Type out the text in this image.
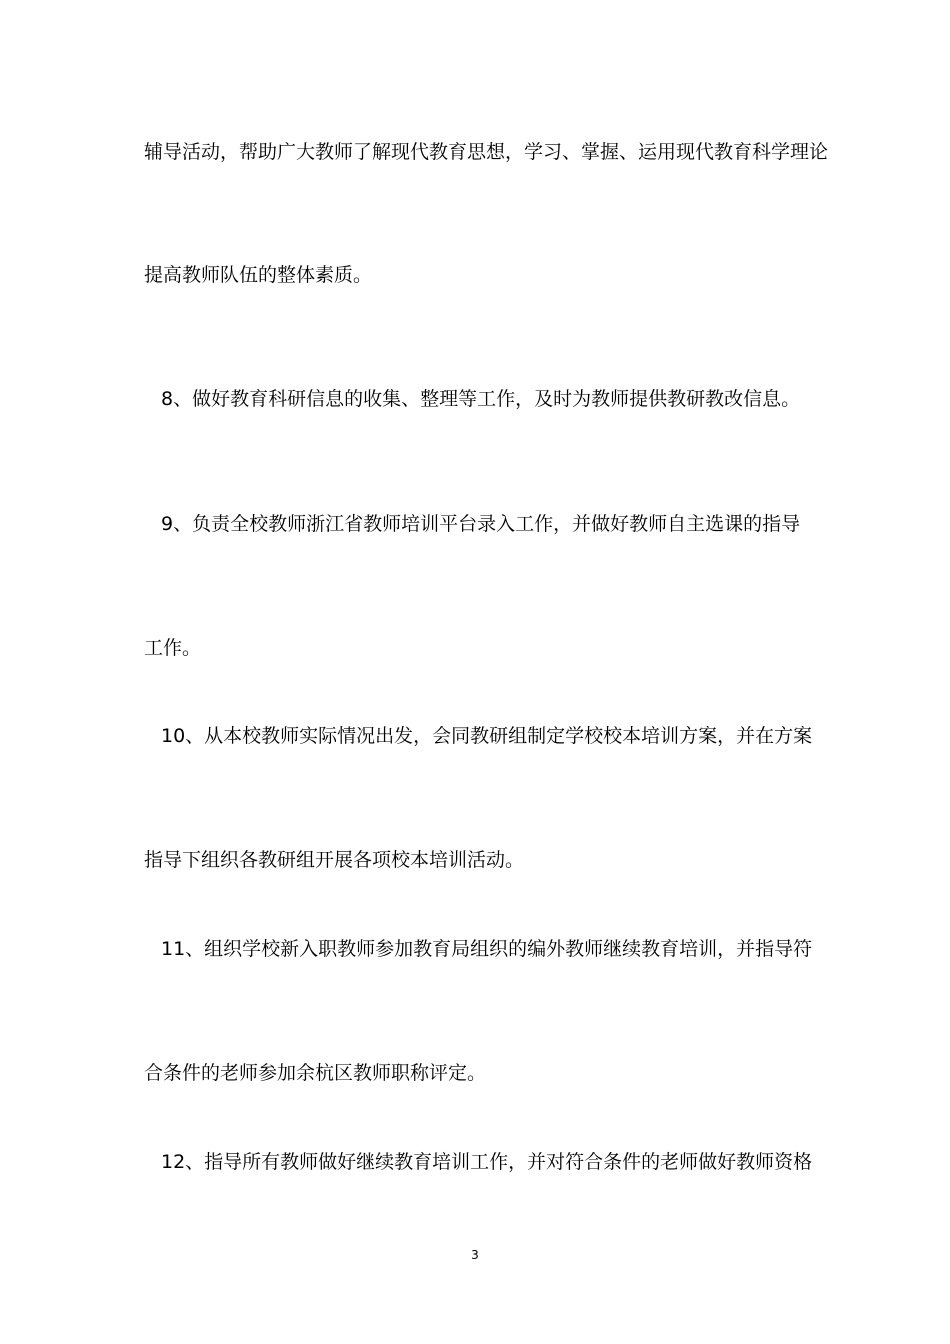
辅导活动，帮助广大教师了解现代教育思想，学习、掌握、运用现代教育科学理论
提高教师队伍的整体素质。
8、做好教育科研信息的收集、整理等工作，及时为教师提供教研教改信息。
9、负责全校教师浙江省教师培训平台录入工作，并做好教师自主选课的指导
工作。
10、从本校教师实际情况出发，会同教研组制定学校校本培训方案，并在方案
指导下组织各教研组开展各项校本培训活动。
11、组织学校新入职教师参加教育局组织的编外教师继续教育培训，并指导符
合条件的老师参加余杭区教师职称评定。
12、指导所有教师做好继续教育培训工作，并对符合条件的老师做好教师资格
3
